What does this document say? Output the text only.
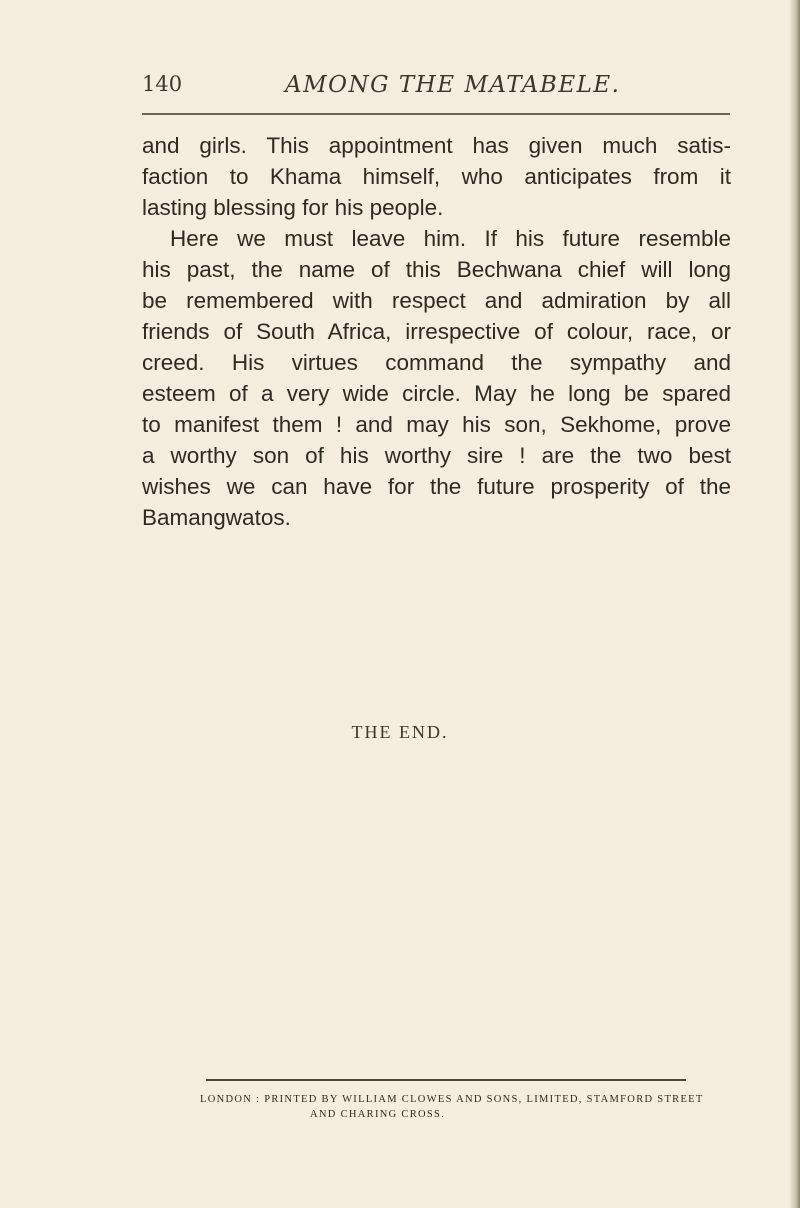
140	AMONG THE MATABELE.
and girls. This appointment has given much satis-
faction to Khama himself, who anticipates from it
lasting blessing for his people.
Here we must leave him. If his future resemble
his past, the name of this Bechwana chief will long
be remembered with respect and admiration by all
friends of South Africa, irrespective of colour, race, or
creed. His virtues command the sympathy and
esteem of a very wide circle. May he long be spared
to manifest them ! and may his son, Sekhome, prove
a worthy son of his worthy sire ! are the two best
wishes we can have for the future prosperity of the
Bamangwatos.
THE END.
LONDON : PRINTED BY WILLIAM CLOWES AND SONS, LIMITED, STAMFORD STREET
AND CHARING CROSS.
